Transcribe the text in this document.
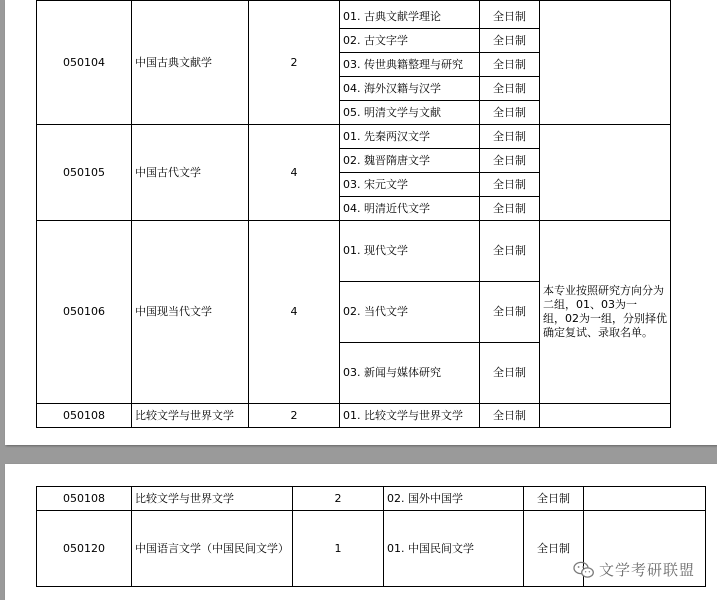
050104	中国古典文献学	2	01. 古典文献学理论	全日制	
			02. 古文字学	全日制	
			03. 传世典籍整理与研究	全日制	
			04. 海外汉籍与汉学	全日制	
			05. 明清文学与文献	全日制	
050105	中国古代文学	4	01. 先秦两汉文学	全日制	
			02. 魏晋隋唐文学	全日制	
			03. 宋元文学	全日制	
			04. 明清近代文学	全日制	
050106	中国现当代文学	4	01. 现代文学	全日制	本专业按照研究方向分为
二组，01、03为一
组，02为一组，分别择优
确定复试、录取名单。

			02. 当代文学	全日制	
			03. 新闻与媒体研究	全日制	
050108	比较文学与世界文学	2	01. 比较文学与世界文学	全日制	
050108	比较文学与世界文学	2	02. 国外中国学	全日制	
050120	中国语言文学（中国民间文学）	1	01. 中国民间文学	全日制	
文学考研联盟
